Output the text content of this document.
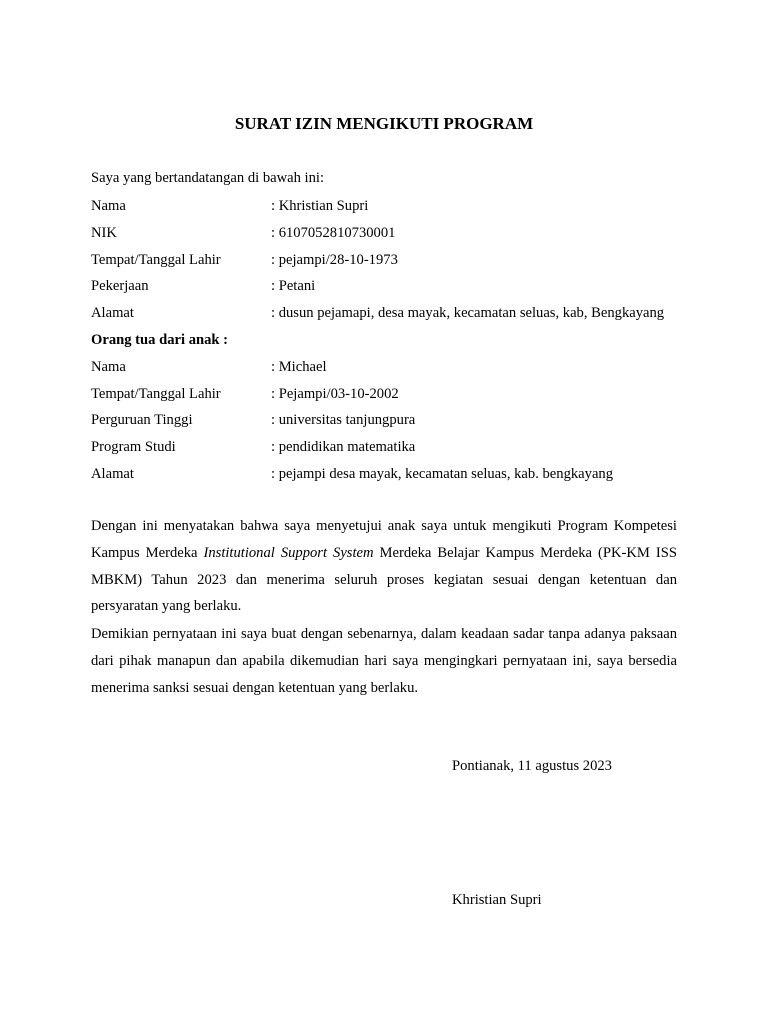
SURAT IZIN MENGIKUTI PROGRAM
Saya yang bertandatangan di bawah ini:
Nama	: Khristian Supri
NIK	: 6107052810730001
Tempat/Tanggal Lahir	: pejampi/28-10-1973
Pekerjaan	: Petani
Alamat	: dusun pejamapi, desa mayak, kecamatan seluas, kab, Bengkayang
Orang tua dari anak :
Nama	: Michael
Tempat/Tanggal Lahir	: Pejampi/03-10-2002
Perguruan Tinggi	: universitas tanjungpura
Program Studi	: pendidikan matematika
Alamat	: pejampi desa mayak, kecamatan seluas, kab. bengkayang
Dengan ini menyatakan bahwa saya menyetujui anak saya untuk mengikuti Program Kompetesi Kampus Merdeka Institutional Support System Merdeka Belajar Kampus Merdeka (PK-KM ISS MBKM) Tahun 2023 dan menerima seluruh proses kegiatan sesuai dengan ketentuan dan persyaratan yang berlaku.
Demikian pernyataan ini saya buat dengan sebenarnya, dalam keadaan sadar tanpa adanya paksaan dari pihak manapun dan apabila dikemudian hari saya mengingkari pernyataan ini, saya bersedia menerima sanksi sesuai dengan ketentuan yang berlaku.
Pontianak, 11 agustus 2023
Khristian Supri
